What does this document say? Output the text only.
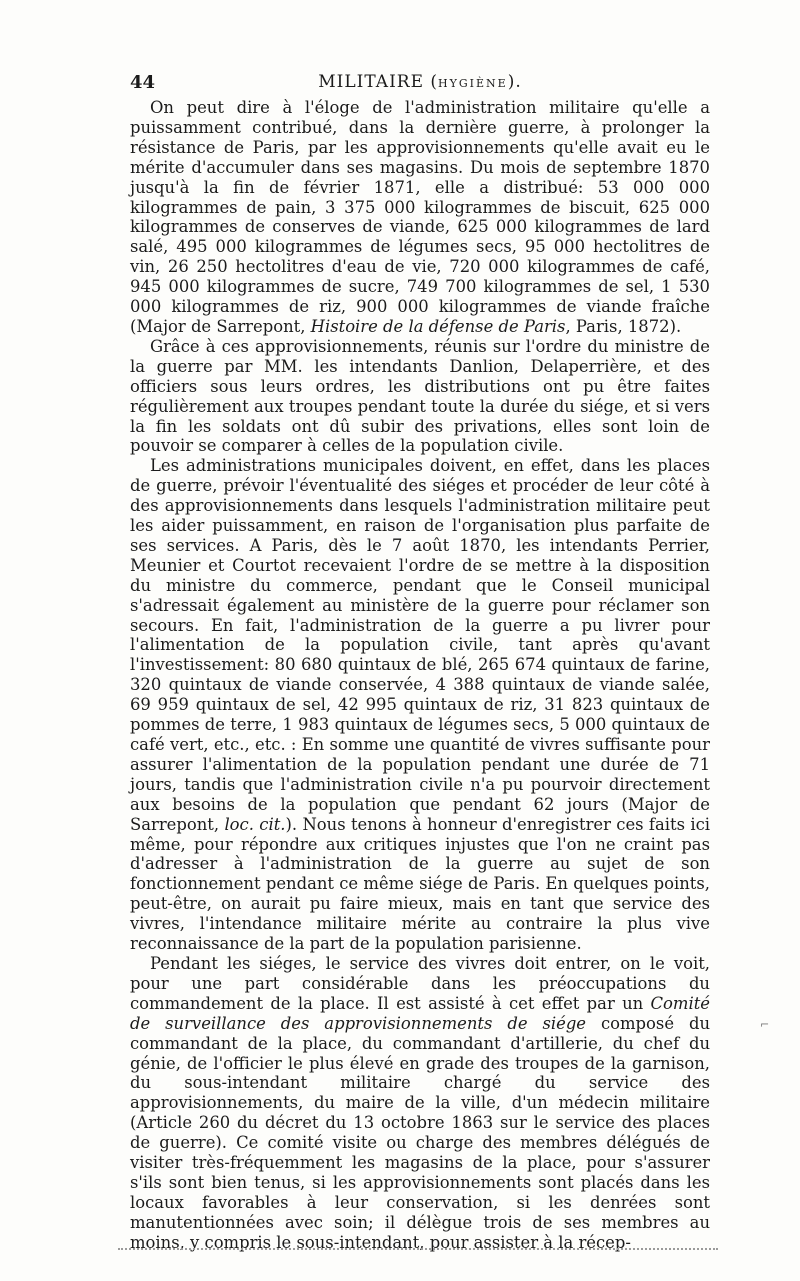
44	MILITAIRE (HYGIÈNE).

On peut dire à l'éloge de l'administration militaire qu'elle a puissamment contribué, dans la dernière guerre, à prolonger la résistance de Paris, par les approvisionnements qu'elle avait eu le mérite d'accumuler dans ses magasins. Du mois de septembre 1870 jusqu'à la fin de février 1871, elle a distribué: 53 000 000 kilogrammes de pain, 3 375 000 kilogrammes de biscuit, 625 000 kilogrammes de conserves de viande, 625 000 kilogrammes de lard salé, 495 000 kilogrammes de légumes secs, 95 000 hectolitres de vin, 26 250 hectolitres d'eau de vie, 720 000 kilogrammes de café, 945 000 kilogrammes de sucre, 749 700 kilogrammes de sel, 1 530 000 kilogrammes de riz, 900 000 kilogrammes de viande fraîche (Major de Sarrepont, Histoire de la défense de Paris, Paris, 1872).

Grâce à ces approvisionnements, réunis sur l'ordre du ministre de la guerre par MM. les intendants Danlion, Delaperrière, et des officiers sous leurs ordres, les distributions ont pu être faites régulièrement aux troupes pendant toute la durée du siége, et si vers la fin les soldats ont dû subir des privations, elles sont loin de pouvoir se comparer à celles de la population civile.

Les administrations municipales doivent, en effet, dans les places de guerre, prévoir l'éventualité des siéges et procéder de leur côté à des approvisionnements dans lesquels l'administration militaire peut les aider puissamment, en raison de l'organisation plus parfaite de ses services. A Paris, dès le 7 août 1870, les intendants Perrier, Meunier et Courtot recevaient l'ordre de se mettre à la disposition du ministre du commerce, pendant que le Conseil municipal s'adressait également au ministère de la guerre pour réclamer son secours. En fait, l'administration de la guerre a pu livrer pour l'alimentation de la population civile, tant après qu'avant l'investissement: 80 680 quintaux de blé, 265 674 quintaux de farine, 320 quintaux de viande conservée, 4 388 quintaux de viande salée, 69 959 quintaux de sel, 42 995 quintaux de riz, 31 823 quintaux de pommes de terre, 1 983 quintaux de légumes secs, 5 000 quintaux de café vert, etc., etc. : En somme une quantité de vivres suffisante pour assurer l'alimentation de la population pendant une durée de 71 jours, tandis que l'administration civile n'a pu pourvoir directement aux besoins de la population que pendant 62 jours (Major de Sarrepont, loc. cit.). Nous tenons à honneur d'enregistrer ces faits ici même, pour répondre aux critiques injustes que l'on ne craint pas d'adresser à l'administration de la guerre au sujet de son fonctionnement pendant ce même siége de Paris. En quelques points, peut-être, on aurait pu faire mieux, mais en tant que service des vivres, l'intendance militaire mérite au contraire la plus vive reconnaissance de la part de la population parisienne.

Pendant les siéges, le service des vivres doit entrer, on le voit, pour une part considérable dans les préoccupations du commandement de la place. Il est assisté à cet effet par un Comité de surveillance des approvisionnements de siége composé du commandant de la place, du commandant d'artillerie, du chef du génie, de l'officier le plus élevé en grade des troupes de la garnison, du sous-intendant militaire chargé du service des approvisionnements, du maire de la ville, d'un médecin militaire (Article 260 du décret du 13 octobre 1863 sur le service des places de guerre). Ce comité visite ou charge des membres délégués de visiter très-fréquemment les magasins de la place, pour s'assurer s'ils sont bien tenus, si les approvisionnements sont placés dans les locaux favorables à leur conservation, si les denrées sont manutentionnées avec soin; il délègue trois de ses membres au moins, y compris le sous-intendant, pour assister à la récep-

⌐
